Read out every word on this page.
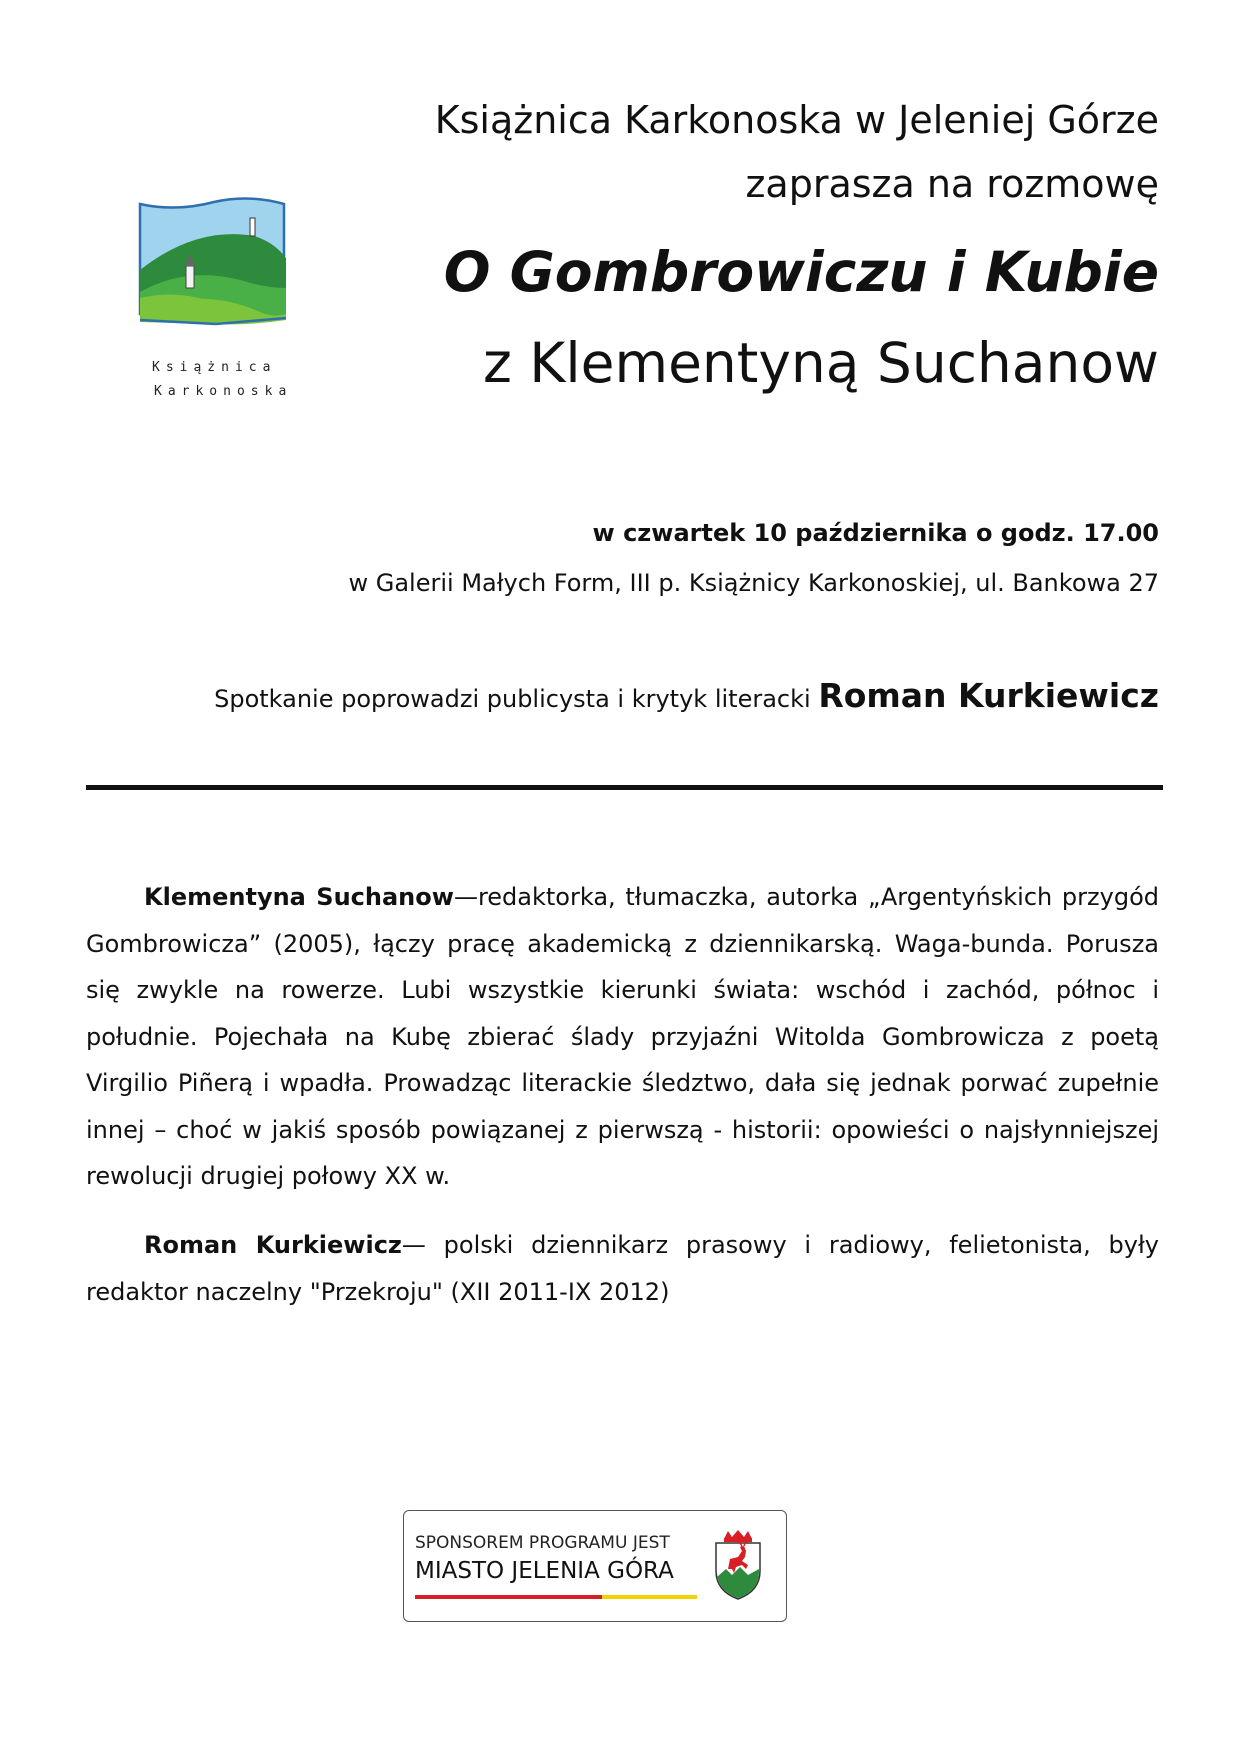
Książnica
Karkonoska

Książnica Karkonoska w Jeleniej Górze

zaprasza na rozmowę

O Gombrowiczu i Kubie

z Klementyną Suchanow

w czwartek 10 października o godz. 17.00
w Galerii Małych Form, III p. Książnicy Karkonoskiej, ul. Bankowa 27
Spotkanie poprowadzi publicysta i krytyk literacki Roman Kurkiewicz

Klementyna Suchanow—redaktorka, tłumaczka, autorka „Argentyńskich przygód Gombrowicza” (2005), łączy pracę akademicką z dziennikarską. Waga-bunda. Porusza się zwykle na rowerze. Lubi wszystkie kierunki świata: wschód i zachód, północ i południe. Pojechała na Kubę zbierać ślady przyjaźni Witolda Gombrowicza z poetą Virgilio Piñerą i wpadła. Prowadząc literackie śledztwo, dała się jednak porwać zupełnie innej – choć w jakiś sposób powiązanej z pierwszą - historii: opowieści o najsłynniejszej rewolucji drugiej połowy XX w.

Roman Kurkiewicz— polski dziennikarz prasowy i radiowy, felietonista, były redaktor naczelny "Przekroju" (XII 2011-IX 2012)

SPONSOREM PROGRAMU JEST
MIASTO JELENIA GÓRA
